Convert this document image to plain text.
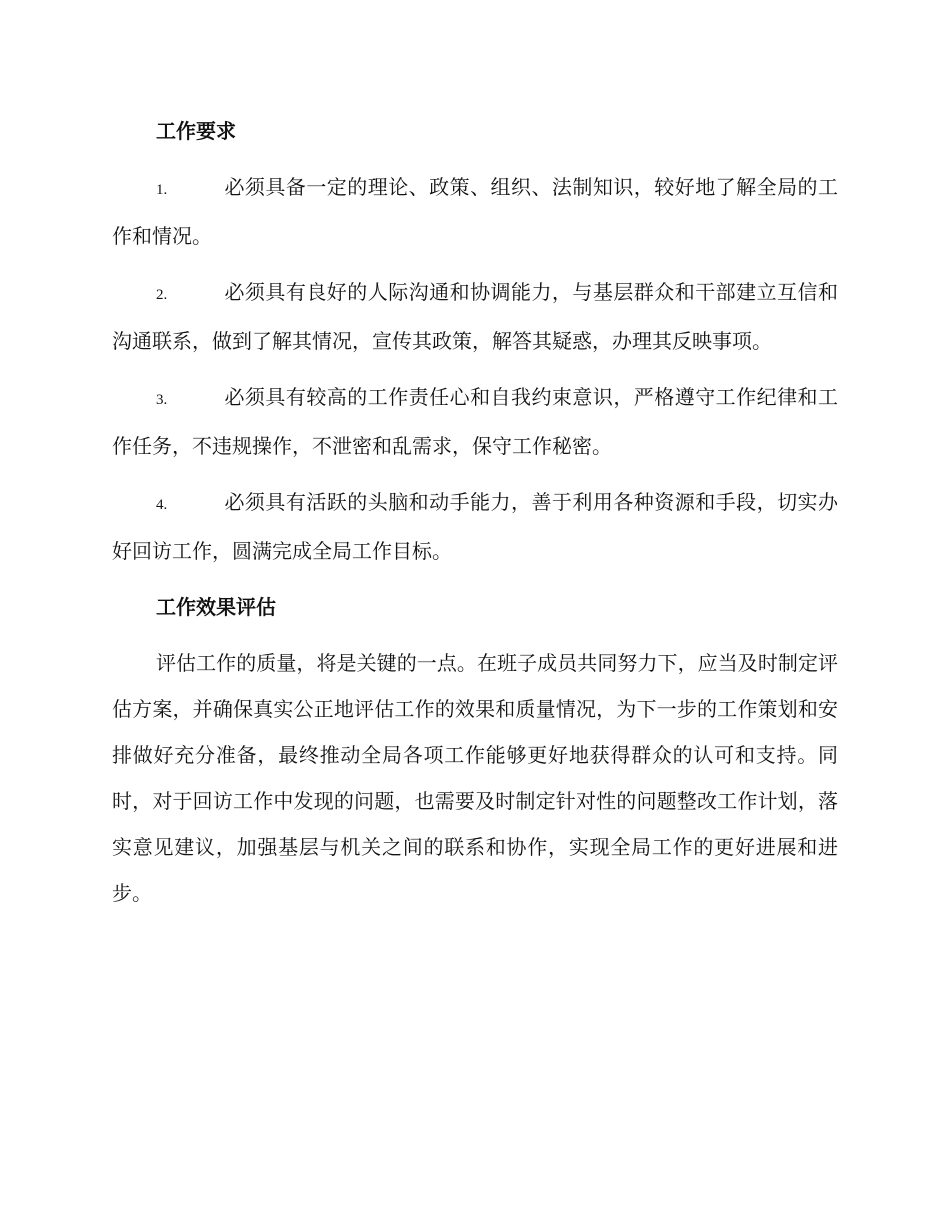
工作要求
1.	必须具备一定的理论、政策、组织、法制知识，较好地了解全局的工作和情况。
2.	必须具有良好的人际沟通和协调能力，与基层群众和干部建立互信和沟通联系，做到了解其情况，宣传其政策，解答其疑惑，办理其反映事项。
3.	必须具有较高的工作责任心和自我约束意识，严格遵守工作纪律和工作任务，不违规操作，不泄密和乱需求，保守工作秘密。
4.	必须具有活跃的头脑和动手能力，善于利用各种资源和手段，切实办好回访工作，圆满完成全局工作目标。
工作效果评估

评估工作的质量，将是关键的一点。在班子成员共同努力下，应当及时制定评估方案，并确保真实公正地评估工作的效果和质量情况，为下一步的工作策划和安排做好充分准备，最终推动全局各项工作能够更好地获得群众的认可和支持。同时，对于回访工作中发现的问题，也需要及时制定针对性的问题整改工作计划，落实意见建议，加强基层与机关之间的联系和协作，实现全局工作的更好进展和进步。
